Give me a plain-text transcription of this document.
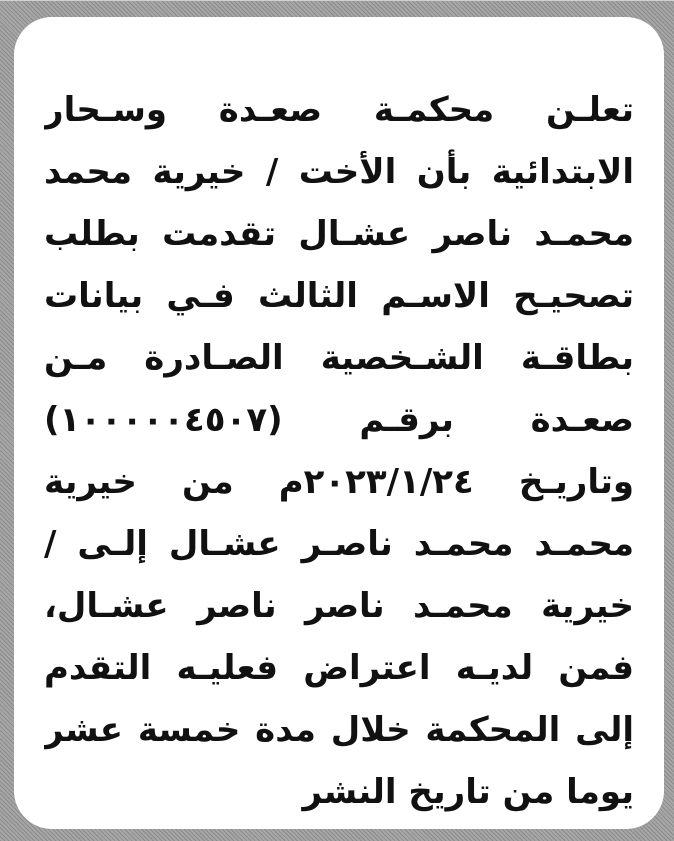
تعلـن محكمـة صعـدة وسـحار
الابتدائية بأن الأخت / خيرية محمد
محمـد ناصر عشـال تقدمت بطلب
تصحيـح الاسـم الثالث فـي بيانات
بطاقـة الشـخصية الصـادرة مـن
صعـدة برقـم (١٠٠٠٠٠٤٥٠٧)
وتاريـخ ٢٠٢٣/١/٢٤م من خيرية
محمـد محمـد ناصـر عشـال إلـى /
خيرية محمـد ناصر ناصر عشـال،
فمن لديـه اعتراض فعليـه التقدم
إلى المحكمة خلال مدة خمسة عشر
يوما من تاريخ النشر
